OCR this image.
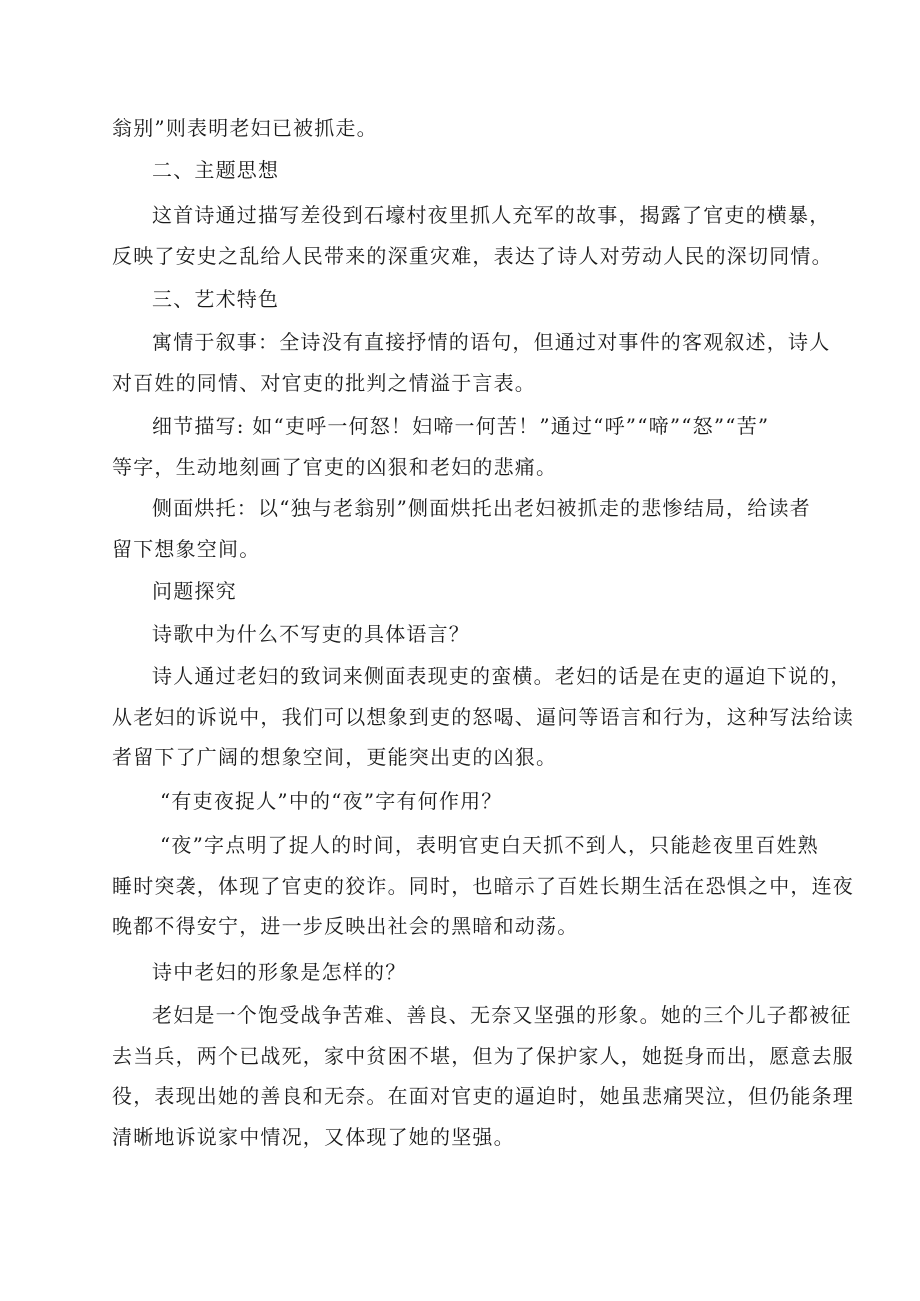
翁别”则表明老妇已被抓走。
二、主题思想
这首诗通过描写差役到石壕村夜里抓人充军的故事，揭露了官吏的横暴，
反映了安史之乱给人民带来的深重灾难，表达了诗人对劳动人民的深切同情。
三、艺术特色
寓情于叙事：全诗没有直接抒情的语句，但通过对事件的客观叙述，诗人
对百姓的同情、对官吏的批判之情溢于言表。
细节描写: 如“吏呼一何怒！妇啼一何苦！”通过“呼”“啼”“怒”“苦”
等字，生动地刻画了官吏的凶狠和老妇的悲痛。
侧面烘托：以“独与老翁别”侧面烘托出老妇被抓走的悲惨结局，给读者
留下想象空间。
问题探究
诗歌中为什么不写吏的具体语言？
诗人通过老妇的致词来侧面表现吏的蛮横。老妇的话是在吏的逼迫下说的，
从老妇的诉说中，我们可以想象到吏的怒喝、逼问等语言和行为，这种写法给读
者留下了广阔的想象空间，更能突出吏的凶狠。
“有吏夜捉人”中的“夜”字有何作用？
“夜”字点明了捉人的时间，表明官吏白天抓不到人，只能趁夜里百姓熟
睡时突袭，体现了官吏的狡诈。同时，也暗示了百姓长期生活在恐惧之中，连夜
晚都不得安宁，进一步反映出社会的黑暗和动荡。
诗中老妇的形象是怎样的？
老妇是一个饱受战争苦难、善良、无奈又坚强的形象。她的三个儿子都被征
去当兵，两个已战死，家中贫困不堪，但为了保护家人，她挺身而出，愿意去服
役，表现出她的善良和无奈。在面对官吏的逼迫时，她虽悲痛哭泣，但仍能条理
清晰地诉说家中情况，又体现了她的坚强。
